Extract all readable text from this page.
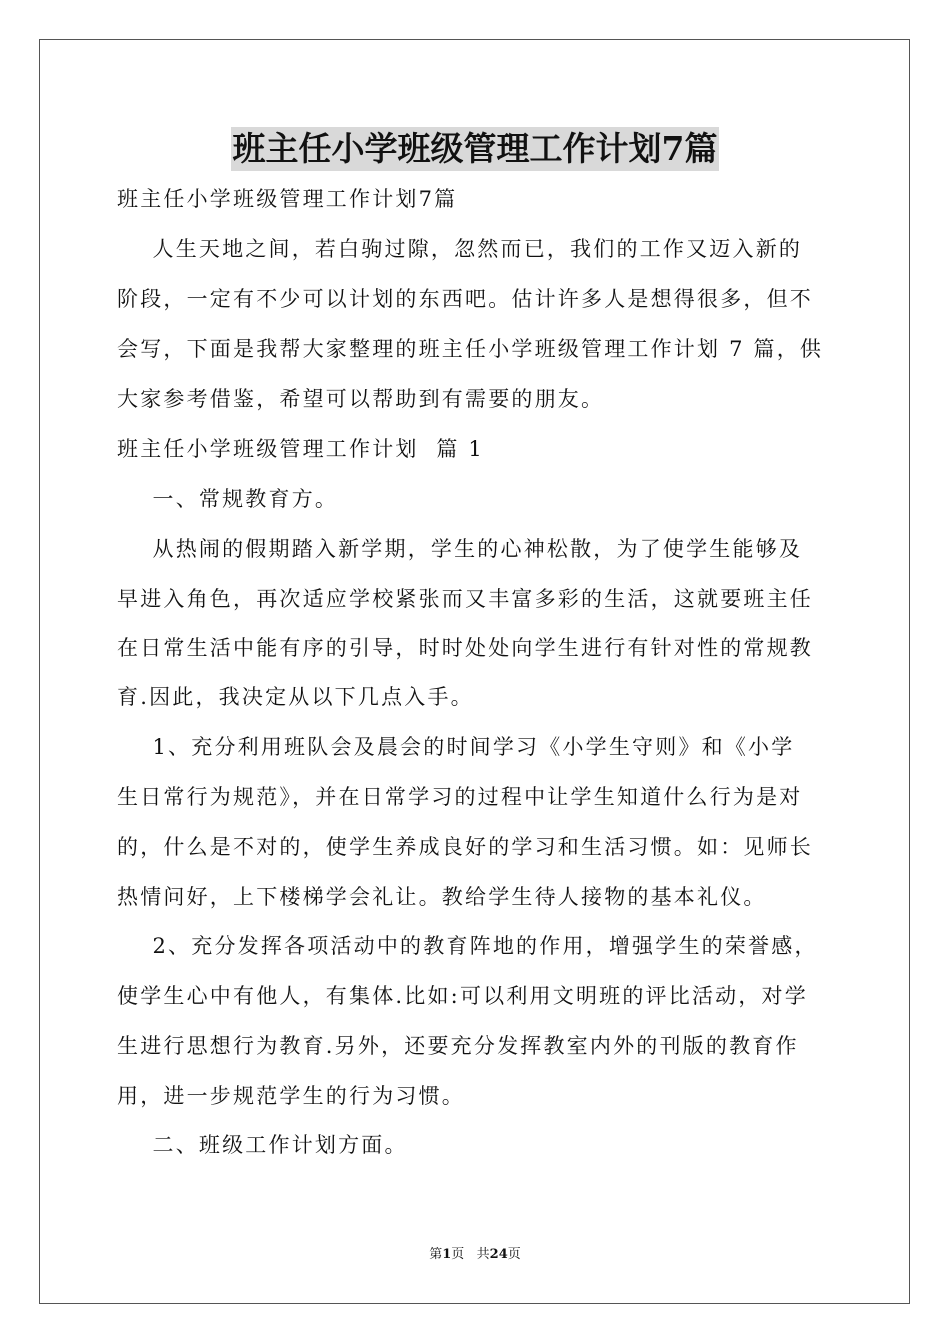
班主任小学班级管理工作计划7篇
班主任小学班级管理工作计划7篇
人生天地之间，若白驹过隙，忽然而已，我们的工作又迈入新的
阶段，一定有不少可以计划的东西吧。估计许多人是想得很多，但不
会写，下面是我帮大家整理的班主任小学班级管理工作计划 7 篇，供
大家参考借鉴，希望可以帮助到有需要的朋友。
班主任小学班级管理工作计划  篇 1
一、常规教育方。
从热闹的假期踏入新学期，学生的心神松散，为了使学生能够及
早进入角色，再次适应学校紧张而又丰富多彩的生活，这就要班主任
在日常生活中能有序的引导，时时处处向学生进行有针对性的常规教
育.因此，我决定从以下几点入手。
1、充分利用班队会及晨会的时间学习《小学生守则》和《小学
生日常行为规范》，并在日常学习的过程中让学生知道什么行为是对
的，什么是不对的，使学生养成良好的学习和生活习惯。如：见师长
热情问好，上下楼梯学会礼让。教给学生待人接物的基本礼仪。
2、充分发挥各项活动中的教育阵地的作用，增强学生的荣誉感，
使学生心中有他人，有集体.比如:可以利用文明班的评比活动，对学
生进行思想行为教育.另外，还要充分发挥教室内外的刊版的教育作
用，进一步规范学生的行为习惯。
二、班级工作计划方面。
第1页   共24页
